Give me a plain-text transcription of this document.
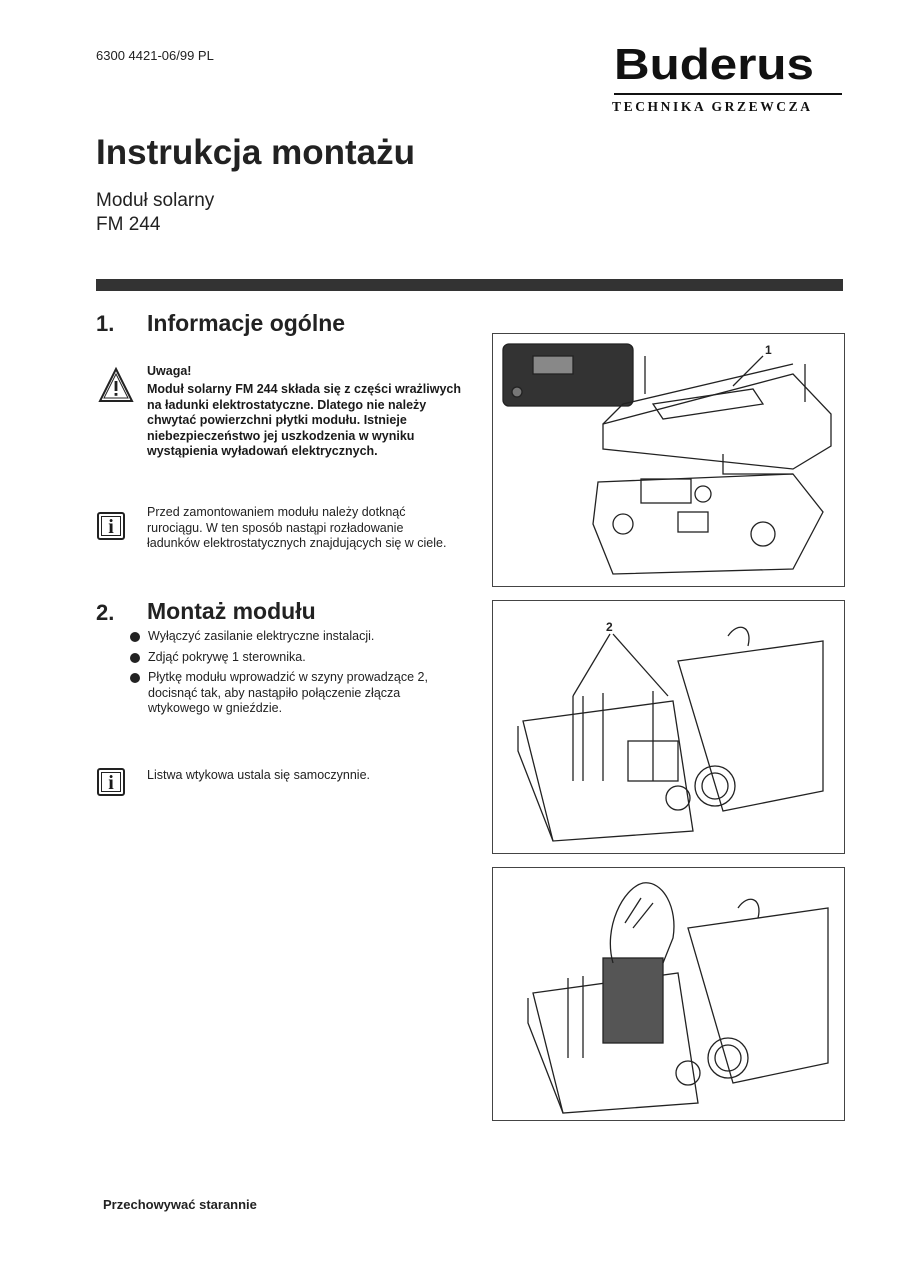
6300 4421-06/99 PL	Buderus
TECHNIKA GRZEWCZA
Instrukcja montażu
Moduł solarny
FM 244
1. Informacje ogólne
Uwaga!
Moduł solarny FM 244 składa się z części wrażliwych na ładunki elektrostatyczne. Dlatego nie należy chwytać powierzchni płytki modułu. Istnieje niebezpieczeństwo jej uszkodzenia w wyniku wystąpienia wyładowań elektrycznych.
i
Przed zamontowaniem modułu należy dotknąć rurociągu. W ten sposób nastąpi rozładowanie ładunków elektrostatycznych znajdujących się w ciele.
2. Montaż modułu
Wyłączyć zasilanie elektryczne instalacji.
Zdjąć pokrywę 1 sterownika.
Płytkę modułu wprowadzić w szyny prowadzące 2, docisnąć tak, aby nastąpiło połączenie złącza wtykowego w gnieździe.
i	Listwa wtykowa ustala się samoczynnie.
1
2
Przechowywać starannie
